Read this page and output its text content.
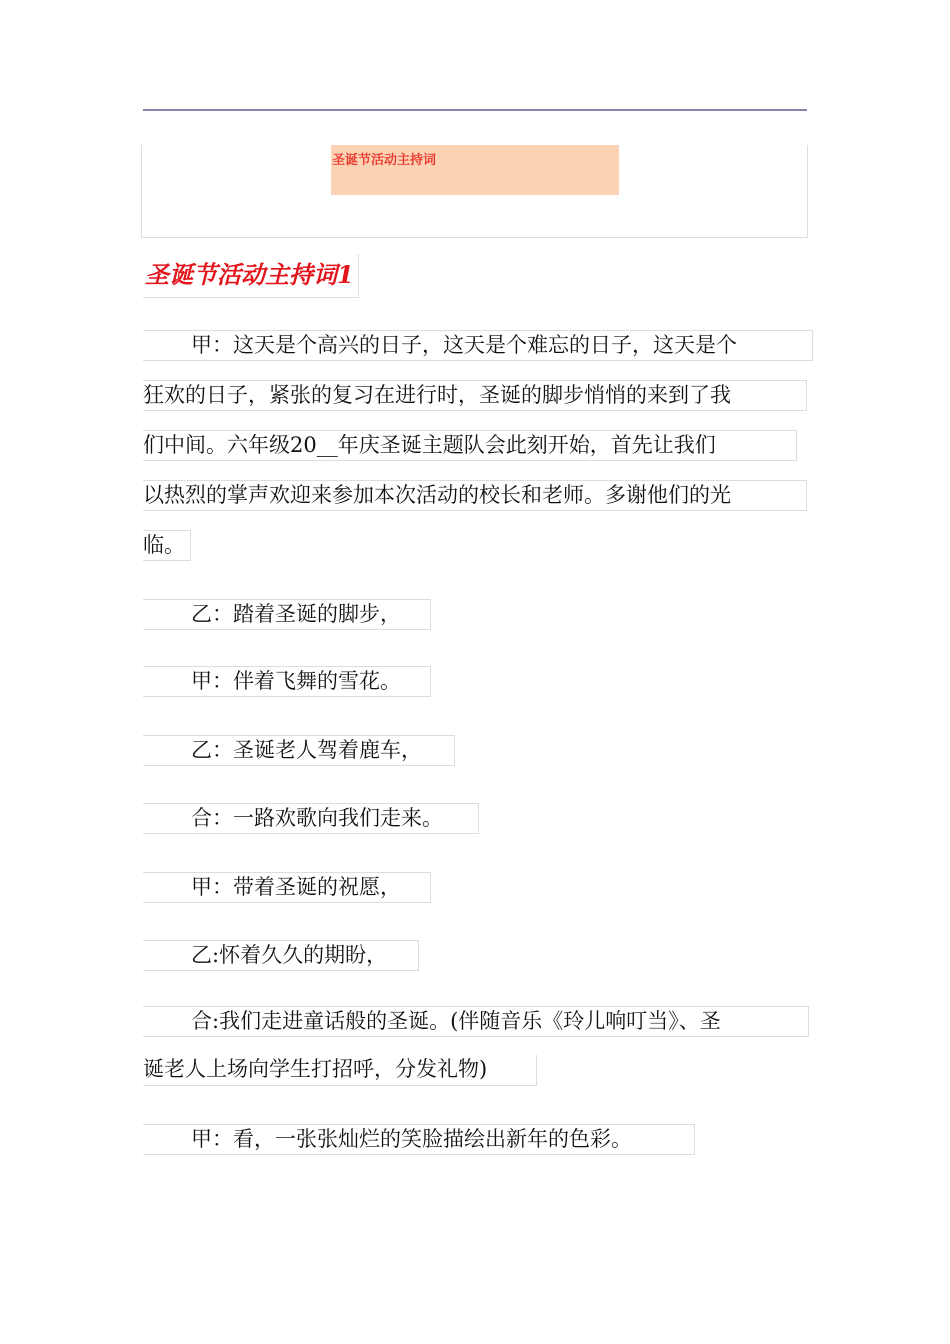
圣诞节活动主持词
圣诞节活动主持词1
甲：这天是个高兴的日子，这天是个难忘的日子，这天是个
狂欢的日子，紧张的复习在进行时，圣诞的脚步悄悄的来到了我
们中间。六年级20__年庆圣诞主题队会此刻开始，首先让我们
以热烈的掌声欢迎来参加本次活动的校长和老师。多谢他们的光
临。
乙：踏着圣诞的脚步，
甲：伴着飞舞的雪花。
乙：圣诞老人驾着鹿车，
合：一路欢歌向我们走来。
甲：带着圣诞的祝愿，
乙:怀着久久的期盼，
合:我们走进童话般的圣诞。(伴随音乐《玲儿响叮当》、圣
诞老人上场向学生打招呼，分发礼物)
甲：看，一张张灿烂的笑脸描绘出新年的色彩。
